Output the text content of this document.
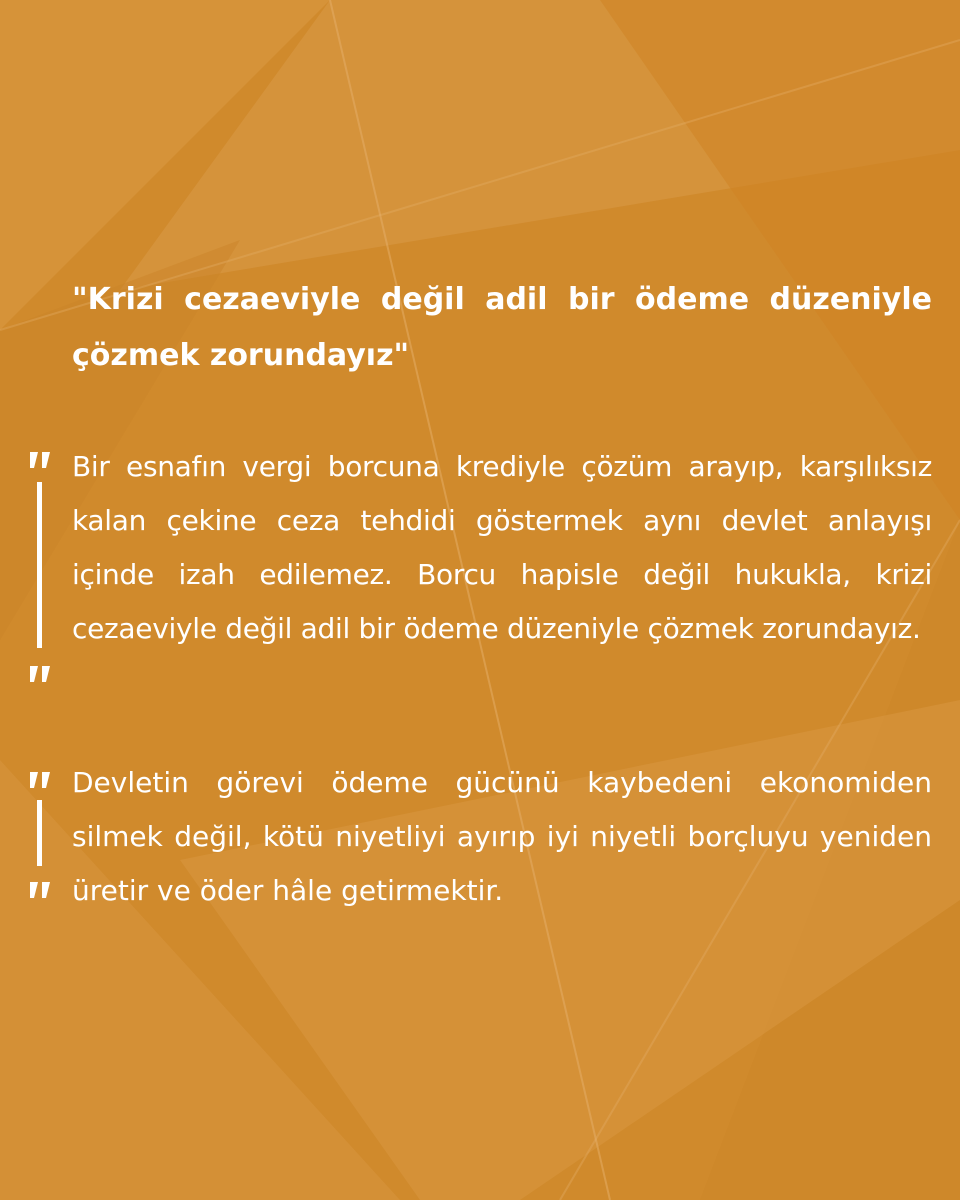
"Krizi cezaeviyle değil adil bir ödeme düzeniyle çözmek zorundayız"

Bir esnafın vergi borcuna krediyle çözüm arayıp, karşılıksız kalan çekine ceza tehdidi göstermek aynı devlet anlayışı içinde izah edilemez. Borcu hapisle değil hukukla, krizi cezaeviyle değil adil bir ödeme düzeniyle çözmek zorundayız.

Devletin görevi ödeme gücünü kaybedeni ekonomiden silmek değil, kötü niyetliyi ayırıp iyi niyetli borçluyu yeniden üretir ve öder hâle getirmektir.
